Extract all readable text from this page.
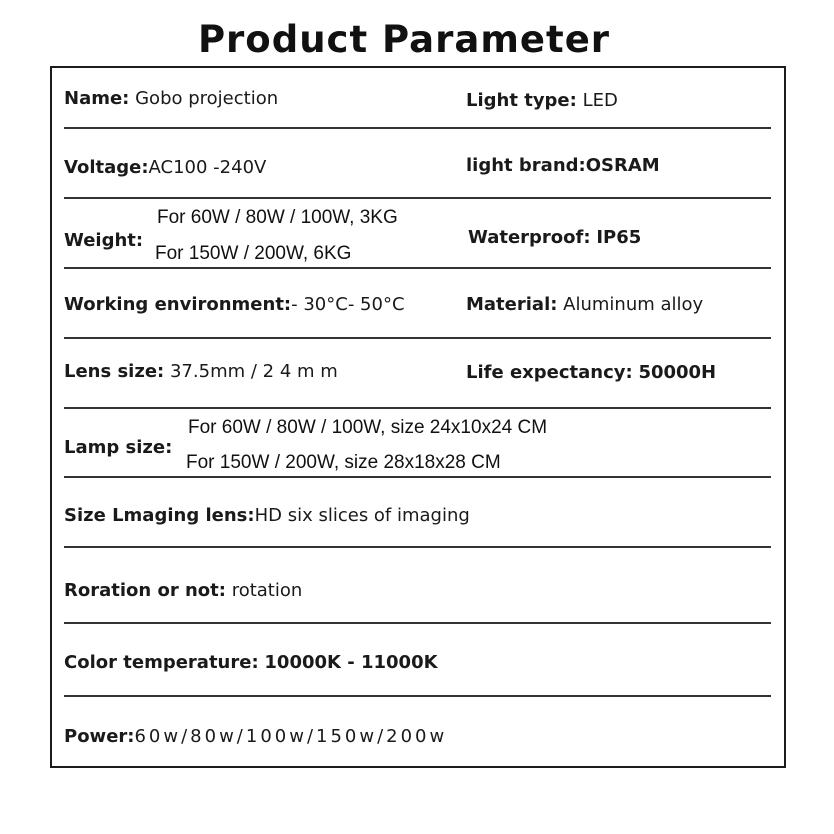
Product Parameter
Name: Gobo projection	Light type: LED
Voltage:AC100 -240V	light brand:OSRAM
Weight:
For 60W / 80W / 100W, 3KG
For 150W / 200W, 6KG
Waterproof: IP65
Working environment:- 30°C- 50°C	Material: Aluminum alloy
Lens size: 37.5mm / 2 4 m m	Life expectancy: 50000H
Lamp size:
For 60W / 80W / 100W, size 24x10x24 CM
For 150W / 200W, size 28x18x28 CM
Size Lmaging lens:HD six slices of imaging
Roration or not: rotation
Color temperature: 10000K - 11000K
Power:60w/80w/100w/150w/200w
